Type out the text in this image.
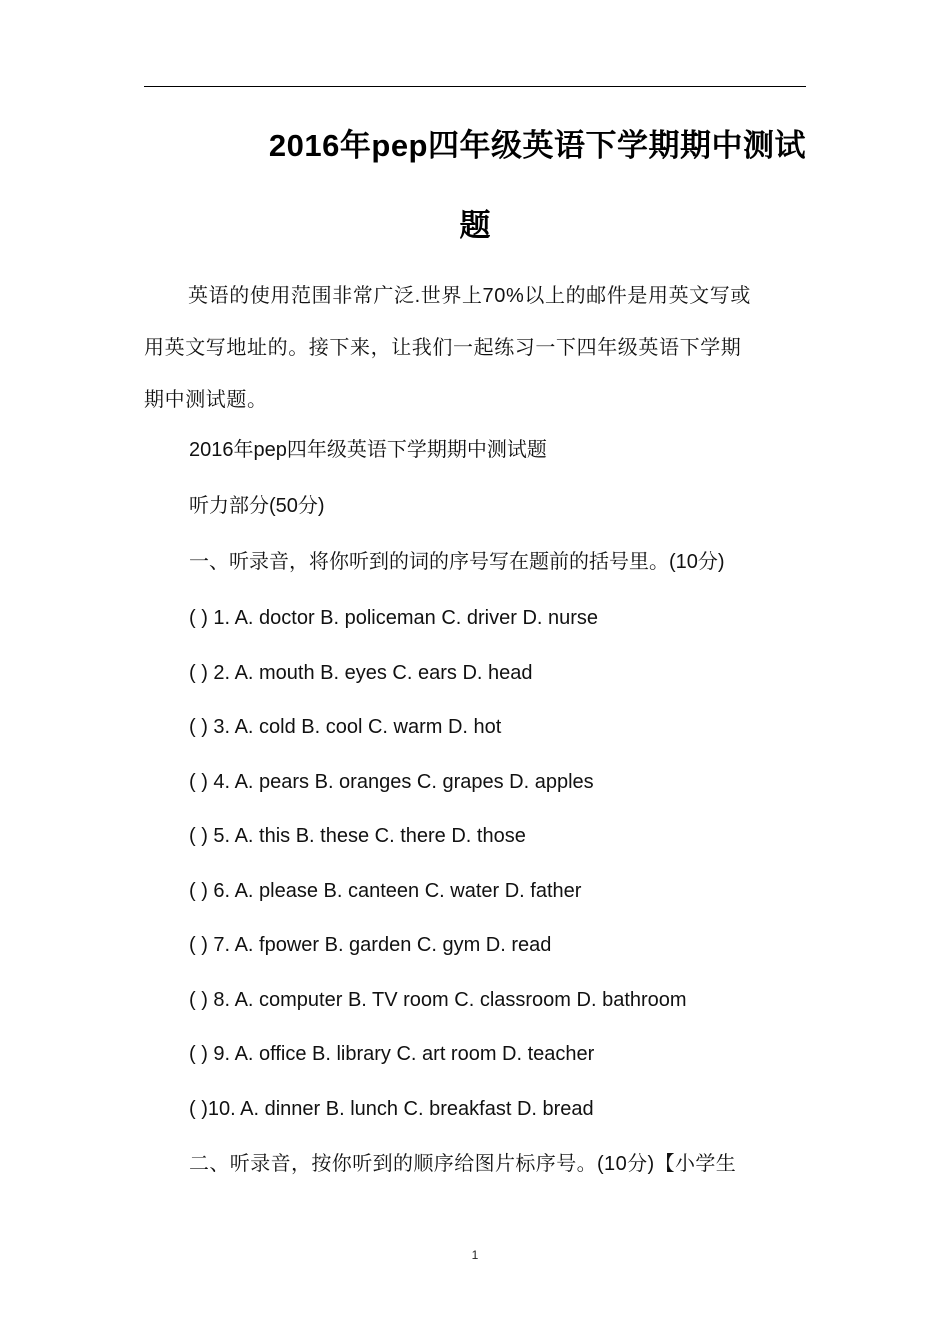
2016年pep四年级英语下学期期中测试
题
英语的使用范围非常广泛.世界上70%以上的邮件是用英文写或
用英文写地址的。接下来，让我们一起练习一下四年级英语下学期
期中测试题。
2016年pep四年级英语下学期期中测试题
听力部分(50分)
一、听录音，将你听到的词的序号写在题前的括号里。(10分)
( ) 1. A. doctor B. policeman C. driver D. nurse
( ) 2. A. mouth B. eyes C. ears D. head
( ) 3. A. cold B. cool C. warm D. hot
( ) 4. A. pears B. oranges C. grapes D. apples
( ) 5. A. this B. these C. there D. those
( ) 6. A. please B. canteen C. water D. father
( ) 7. A. fpower B. garden C. gym D. read
( ) 8. A. computer B. TV room C. classroom D. bathroom
( ) 9. A. office B. library C. art room D. teacher
( )10. A. dinner B. lunch C. breakfast D. bread
二、听录音，按你听到的顺序给图片标序号。(10分)【小学生
1
